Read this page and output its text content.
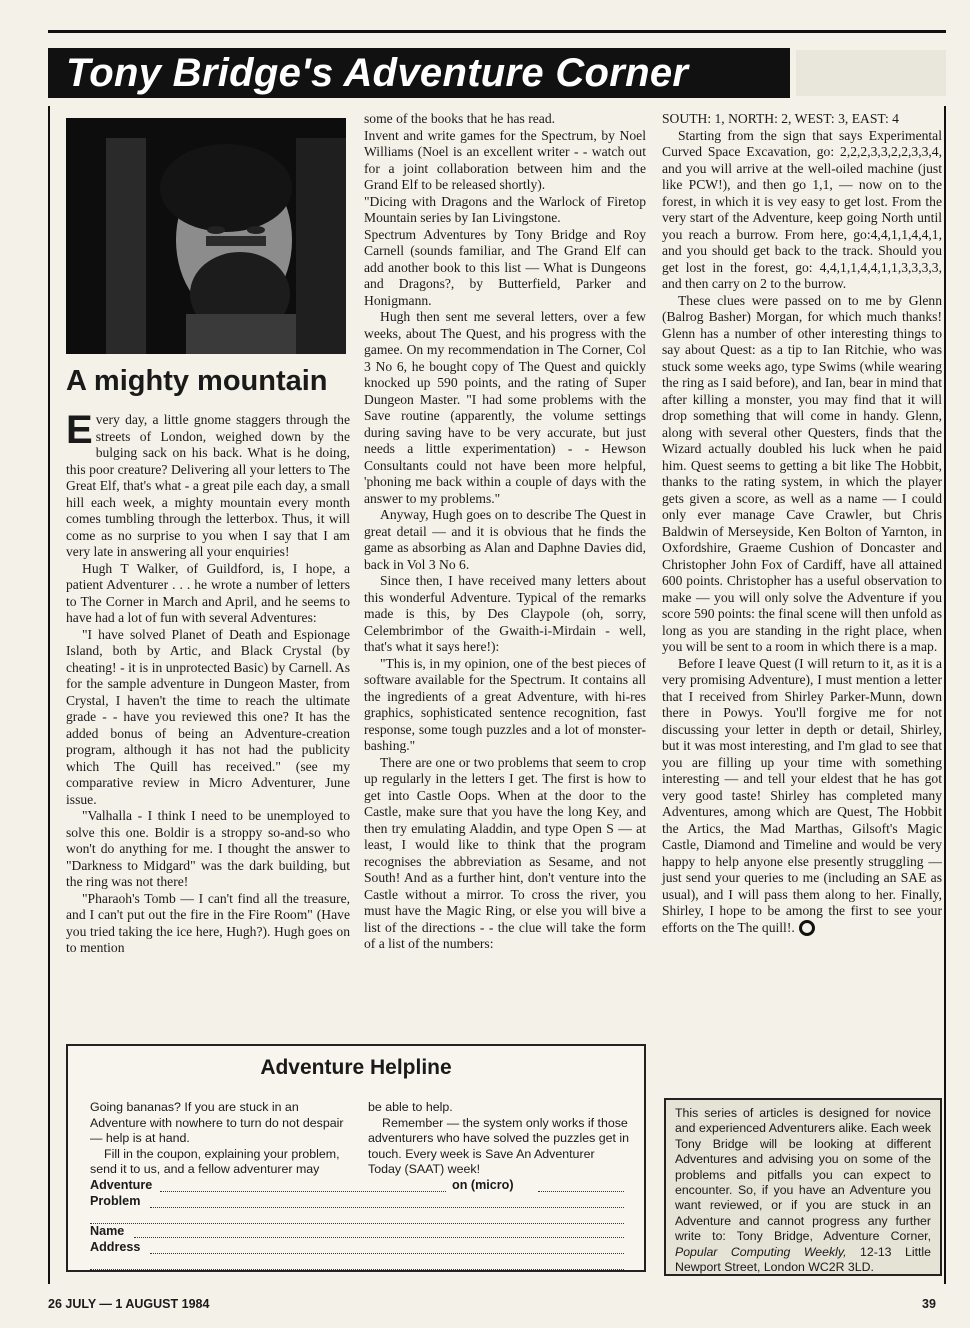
Tony Bridge's Adventure Corner
A mighty mountain

Every day, a little gnome staggers through the streets of London, weighed down by the bulging sack on his back. What is he doing, this poor creature? Delivering all your letters to The Great Elf, that's what - a great pile each day, a small hill each week, a mighty mountain every month comes tumbling through the letterbox. Thus, it will come as no surprise to you when I say that I am very late in answering all your enquiries!

Hugh T Walker, of Guildford, is, I hope, a patient Adventurer . . . he wrote a number of letters to The Corner in March and April, and he seems to have had a lot of fun with several Adventures:

"I have solved Planet of Death and Espionage Island, both by Artic, and Black Crystal (by cheating! - it is in unprotected Basic) by Carnell. As for the sample adventure in Dungeon Master, from Crystal, I haven't the time to reach the ultimate grade - - have you reviewed this one? It has the added bonus of being an Adventure-creation program, although it has not had the publicity which The Quill has received." (see my comparative review in Micro Adventurer, June issue.

"Valhalla - I think I need to be unemployed to solve this one. Boldir is a stroppy so-and-so who won't do anything for me. I thought the answer to "Darkness to Midgard" was the dark building, but the ring was not there!

"Pharaoh's Tomb — I can't find all the treasure, and I can't put out the fire in the Fire Room" (Have you tried taking the ice here, Hugh?). Hugh goes on to mention

some of the books that he has read.

Invent and write games for the Spectrum, by Noel Williams (Noel is an excellent writer - - watch out for a joint collaboration between him and the Grand Elf to be released shortly).

"Dicing with Dragons and the Warlock of Firetop Mountain series by Ian Livingstone.

Spectrum Adventures by Tony Bridge and Roy Carnell (sounds familiar, and The Grand Elf can add another book to this list — What is Dungeons and Dragons?, by Butterfield, Parker and Honigmann.

Hugh then sent me several letters, over a few weeks, about The Quest, and his progress with the gamee. On my recommendation in The Corner, Col 3 No 6, he bought copy of The Quest and quickly knocked up 590 points, and the rating of Super Dungeon Master. "I had some problems with the Save routine (apparently, the volume settings during saving have to be very accurate, but just needs a little experimentation) - - Hewson Consultants could not have been more helpful, 'phoning me back within a couple of days with the answer to my problems."

Anyway, Hugh goes on to describe The Quest in great detail — and it is obvious that he finds the game as absorbing as Alan and Daphne Davies did, back in Vol 3 No 6.

Since then, I have received many letters about this wonderful Adventure. Typical of the remarks made is this, by Des Claypole (oh, sorry, Celembrimbor of the Gwaith-i-Mirdain - well, that's what it says here!):

"This is, in my opinion, one of the best pieces of software available for the Spectrum. It contains all the ingredients of a great Adventure, with hi-res graphics, sophisticated sentence recognition, fast response, some tough puzzles and a lot of monster-bashing."

There are one or two problems that seem to crop up regularly in the letters I get. The first is how to get into Castle Oops. When at the door to the Castle, make sure that you have the long Key, and then try emulating Aladdin, and type Open S — at least, I would like to think that the program recognises the abbreviation as Sesame, and not South! And as a further hint, don't venture into the Castle without a mirror. To cross the river, you must have the Magic Ring, or else you will bive a list of the directions - - the clue will take the form of a list of the numbers:

SOUTH: 1, NORTH: 2, WEST: 3, EAST: 4

Starting from the sign that says Experimental Curved Space Excavation, go: 2,2,2,3,3,2,2,3,3,4, and you will arrive at the well-oiled machine (just like PCW!), and then go 1,1, — now on to the forest, in which it is vey easy to get lost. From the very start of the Adventure, keep going North until you reach a burrow. From here, go:4,4,1,1,4,4,1, and you should get back to the track. Should you get lost in the forest, go: 4,4,1,1,4,4,1,1,3,3,3,3, and then carry on 2 to the burrow.

These clues were passed on to me by Glenn (Balrog Basher) Morgan, for which much thanks! Glenn has a number of other interesting things to say about Quest: as a tip to Ian Ritchie, who was stuck some weeks ago, type Swims (while wearing the ring as I said before), and Ian, bear in mind that after killing a monster, you may find that it will drop something that will come in handy. Glenn, along with several other Questers, finds that the Wizard actually doubled his luck when he paid him. Quest seems to getting a bit like The Hobbit, thanks to the rating system, in which the player gets given a score, as well as a name — I could only ever manage Cave Crawler, but Chris Baldwin of Merseyside, Ken Bolton of Yarnton, in Oxfordshire, Graeme Cushion of Doncaster and Christopher John Fox of Cardiff, have all attained 600 points. Christopher has a useful observation to make — you will only solve the Adventure if you score 590 points: the final scene will then unfold as long as you are standing in the right place, when you will be sent to a room in which there is a map.

Before I leave Quest (I will return to it, as it is a very promising Adventure), I must mention a letter that I received from Shirley Parker-Munn, down there in Powys. You'll forgive me for not discussing your letter in depth or detail, Shirley, but it was most interesting, and I'm glad to see that you are filling up your time with something interesting — and tell your eldest that he has got very good taste! Shirley has completed many Adventures, among which are Quest, The Hobbit the Artics, the Mad Marthas, Gilsoft's Magic Castle, Diamond and Timeline and would be very happy to help anyone else presently struggling — just send your queries to me (including an SAE as usual), and I will pass them along to her. Finally, Shirley, I hope to be among the first to see your efforts on the The quill!.

Adventure Helpline

Going bananas? If you are stuck in an Adventure with nowhere to turn do not despair — help is at hand.

Fill in the coupon, explaining your problem, send it to us, and a fellow adventurer may

be able to help.

Remember — the system only works if those adventurers who have solved the puzzles get in touch. Every week is Save An Adventurer Today (SAAT) week!

Adventure	on (micro)
Problem
Name
Address
This series of articles is designed for novice and experienced Adventurers alike. Each week Tony Bridge will be looking at different Adventures and advising you on some of the problems and pitfalls you can expect to encounter. So, if you have an Adventure you want reviewed, or if you are stuck in an Adventure and cannot progress any further write to: Tony Bridge, Adventure Corner, Popular Computing Weekly, 12-13 Little Newport Street, London WC2R 3LD.
26 JULY — 1 AUGUST 1984	39
